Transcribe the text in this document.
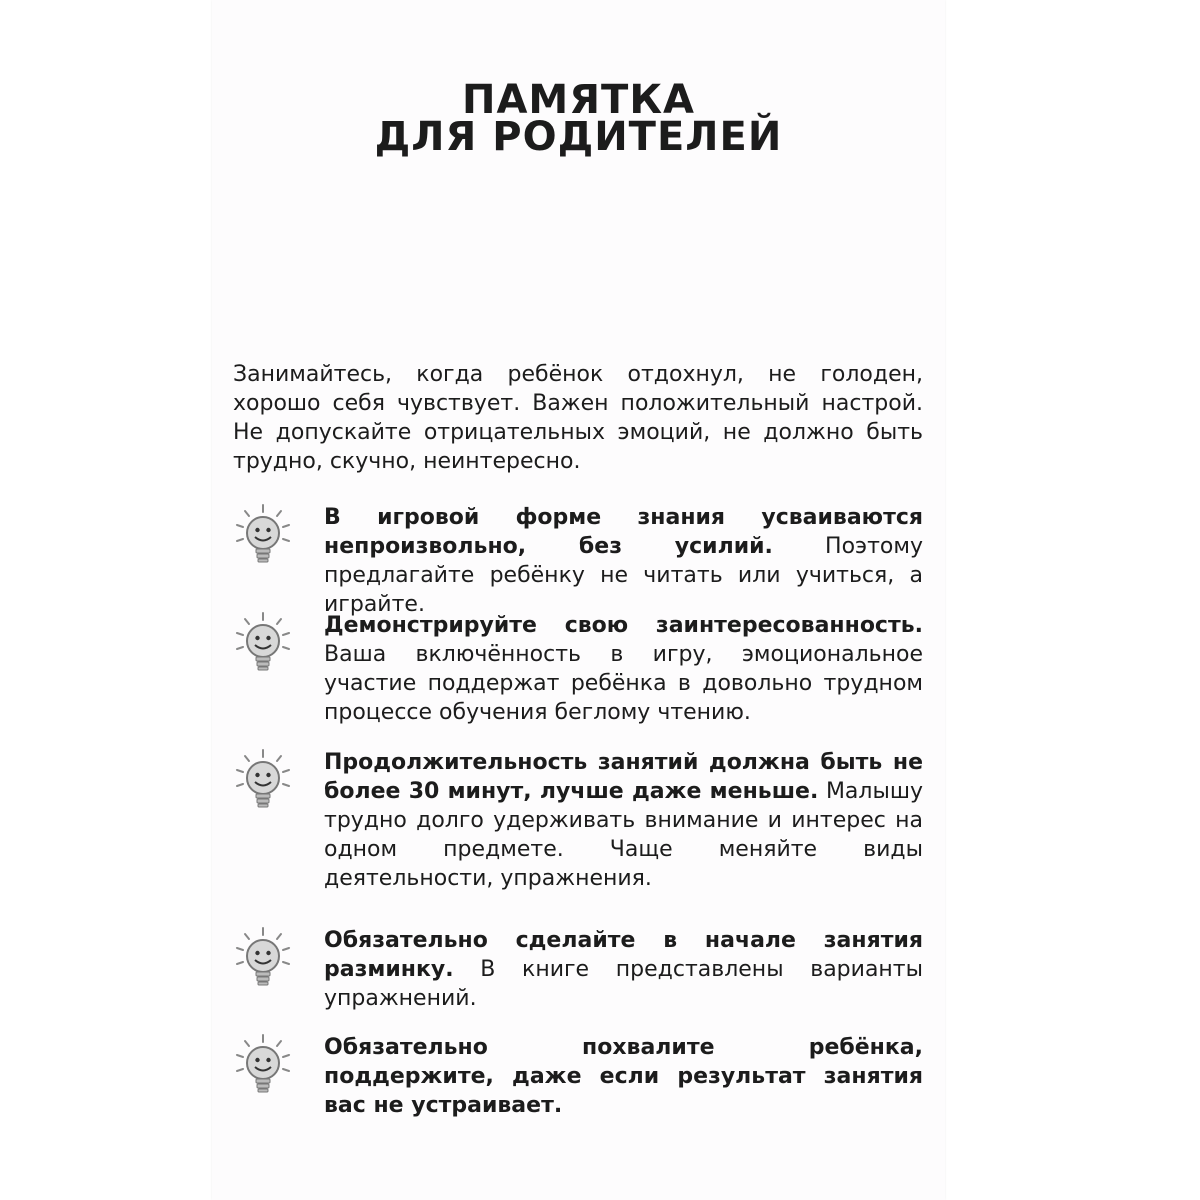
ПАМЯТКА
ДЛЯ РОДИТЕЛЕЙ

Занимайтесь, когда ребёнок отдохнул, не голоден, хорошо себя чувствует. Важен положительный настрой. Не допускайте отрицательных эмоций, не должно быть трудно, скучно, неинтересно.

В игровой форме знания усваиваются непроизвольно, без усилий. Поэтому предлагайте ребёнку не читать или учиться, а играйте.

Демонстрируйте свою заинтересованность. Ваша включённость в игру, эмоциональное участие поддержат ребёнка в довольно трудном процессе обучения беглому чтению.

Продолжительность занятий должна быть не более 30 минут, лучше даже меньше. Малышу трудно долго удерживать внимание и интерес на одном предмете. Чаще меняйте виды деятельности, упражнения.

Обязательно сделайте в начале занятия разминку. В книге представлены варианты упражнений.

Обязательно похвалите ребёнка, поддержите, даже если результат занятия вас не устраивает.
